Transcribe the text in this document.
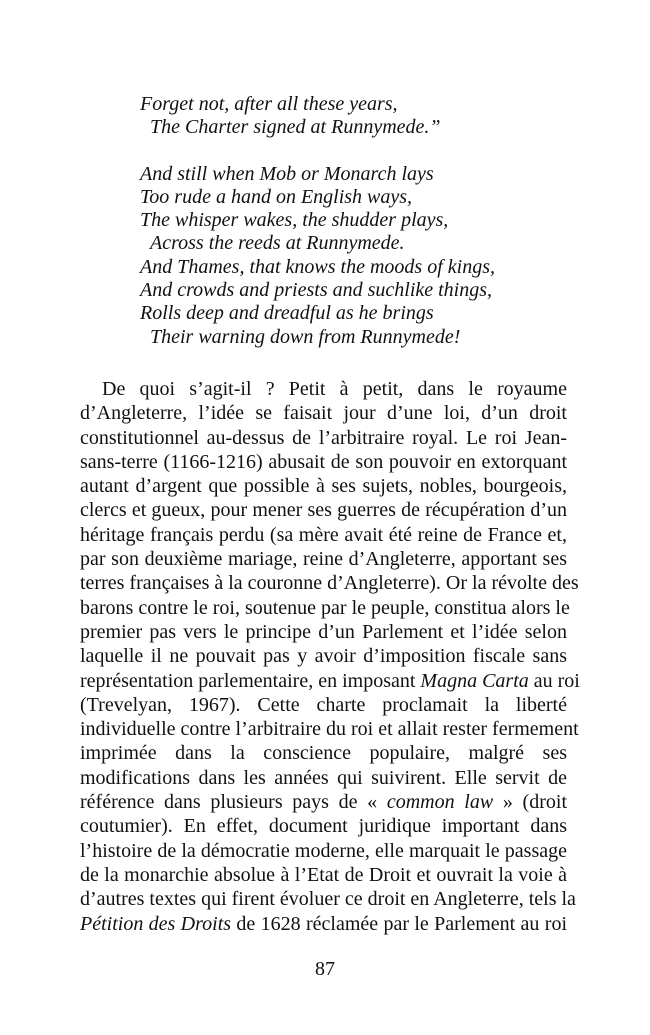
Forget not, after all these years,
The Charter signed at Runnymede.”
And still when Mob or Monarch lays
Too rude a hand on English ways,
The whisper wakes, the shudder plays,
Across the reeds at Runnymede.
And Thames, that knows the moods of kings,
And crowds and priests and suchlike things,
Rolls deep and dreadful as he brings
Their warning down from Runnymede!
De quoi s’agit-il ? Petit à petit, dans le royaume
d’Angleterre, l’idée se faisait jour d’une loi, d’un droit
constitutionnel au-dessus de l’arbitraire royal. Le roi Jean-
sans-terre (1166-1216) abusait de son pouvoir en extorquant
autant d’argent que possible à ses sujets, nobles, bourgeois,
clercs et gueux, pour mener ses guerres de récupération d’un
héritage français perdu (sa mère avait été reine de France et,
par son deuxième mariage, reine d’Angleterre, apportant ses
terres françaises à la couronne d’Angleterre). Or la révolte des
barons contre le roi, soutenue par le peuple, constitua alors le
premier pas vers le principe d’un Parlement et l’idée selon
laquelle il ne pouvait pas y avoir d’imposition fiscale sans
représentation parlementaire, en imposant Magna Carta au roi
(Trevelyan, 1967). Cette charte proclamait la liberté
individuelle contre l’arbitraire du roi et allait rester fermement
imprimée dans la conscience populaire, malgré ses
modifications dans les années qui suivirent. Elle servit de
référence dans plusieurs pays de « common law » (droit
coutumier). En effet, document juridique important dans
l’histoire de la démocratie moderne, elle marquait le passage
de la monarchie absolue à l’Etat de Droit et ouvrait la voie à
d’autres textes qui firent évoluer ce droit en Angleterre, tels la
Pétition des Droits de 1628 réclamée par le Parlement au roi
87
